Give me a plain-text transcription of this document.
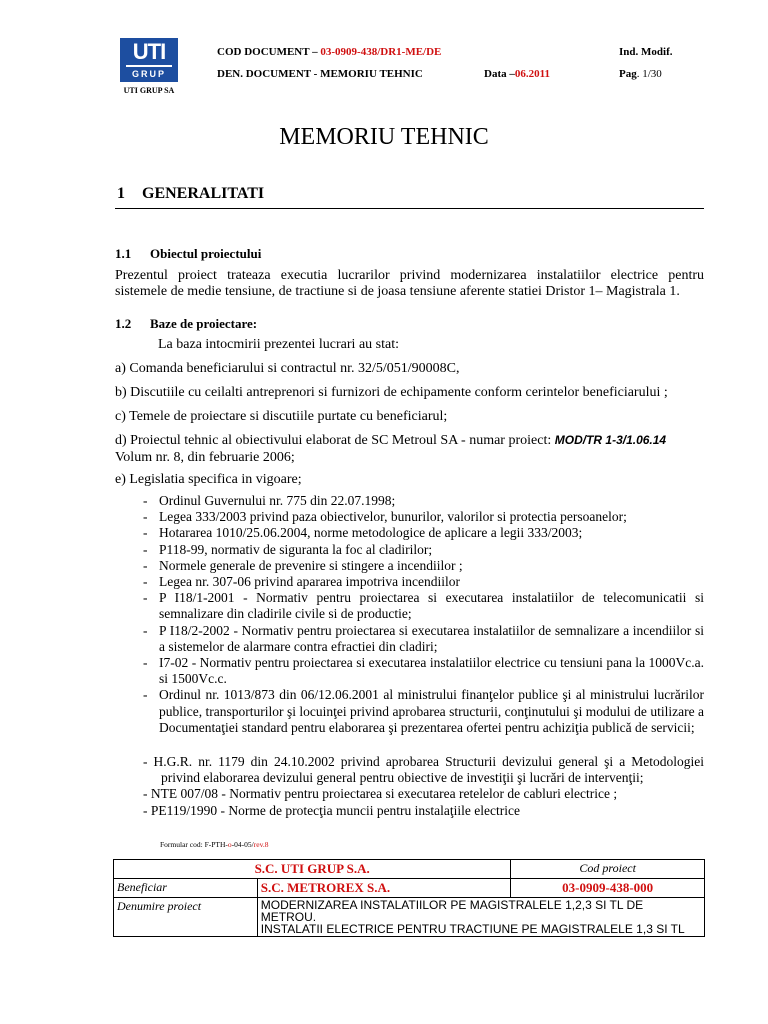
UTI
GRUP
UTI GRUP SA
COD DOCUMENT – 03-0909-438/DR1-ME/DE
DEN. DOCUMENT - MEMORIU TEHNIC	Data –06.2011
Ind. Modif.
Pag. 1/30
MEMORIU TEHNIC
1 GENERALITATI
1.1 Obiectul proiectului
Prezentul proiect trateaza executia lucrarilor privind modernizarea instalatiilor electrice pentru
sistemele de medie tensiune, de tractiune si de joasa tensiune aferente statiei Dristor 1– Magistrala 1.
1.2 Baze de proiectare:
La baza intocmirii prezentei lucrari au stat:
a) Comanda beneficiarului si contractul nr. 32/5/051/90008C,
b) Discutiile cu ceilalti antreprenori si furnizori de echipamente conform cerintelor beneficiarului ;
c) Temele de proiectare si discutiile purtate cu beneficiarul;
d) Proiectul tehnic al obiectivului elaborat de SC Metroul SA - numar proiect: MOD/TR 1-3/1.06.14
Volum nr. 8, din februarie 2006;
e) Legislatia specifica in vigoare;
- Ordinul Guvernului nr. 775 din 22.07.1998;
- Legea 333/2003 privind paza obiectivelor, bunurilor, valorilor si protectia persoanelor;
- Hotararea 1010/25.06.2004, norme metodologice de aplicare a legii 333/2003;
- P118-99, normativ de siguranta la foc al cladirilor;
- Normele generale de prevenire si stingere a incendiilor ;
- Legea nr. 307-06 privind apararea impotriva incendiilor
- P I18/1-2001 - Normativ pentru proiectarea si executarea instalatiilor de telecomunicatii si semnalizare din cladirile civile si de productie;
- P I18/2-2002 - Normativ pentru proiectarea si executarea instalatiilor de semnalizare a incendiilor si a sistemelor de alarmare contra efractiei din cladiri;
- I7-02 - Normativ pentru proiectarea si executarea instalatiilor electrice cu tensiuni pana la 1000Vc.a. si 1500Vc.c.
- Ordinul nr. 1013/873 din 06/12.06.2001 al ministrului finanţelor publice şi al ministrului lucrărilor publice, transporturilor şi locuinţei privind aprobarea structurii, conţinutului şi modului de utilizare a Documentaţiei standard pentru elaborarea şi prezentarea ofertei pentru achiziţia publică de servicii;
- H.G.R. nr. 1179 din 24.10.2002 privind aprobarea Structurii devizului general şi a Metodologiei privind elaborarea devizului general pentru obiective de investiţii şi lucrări de intervenţii;
- NTE 007/08 - Normativ pentru proiectarea si executarea retelelor de cabluri electrice ;
- PE119/1990 - Norme de protecţia muncii pentru instalaţiile electrice
Formular cod: F-PTH-o-04-05/rev.8
S.C. UTI GRUP S.A.		Cod proiect
Beneficiar	S.C. METROREX S.A.	03-0909-438-000
Denumire proiect	MODERNIZAREA INSTALATIILOR PE MAGISTRALELE 1,2,3 SI TL DE METROU.
INSTALATII ELECTRICE PENTRU TRACTIUNE PE MAGISTRALELE 1,3 SI TL	
